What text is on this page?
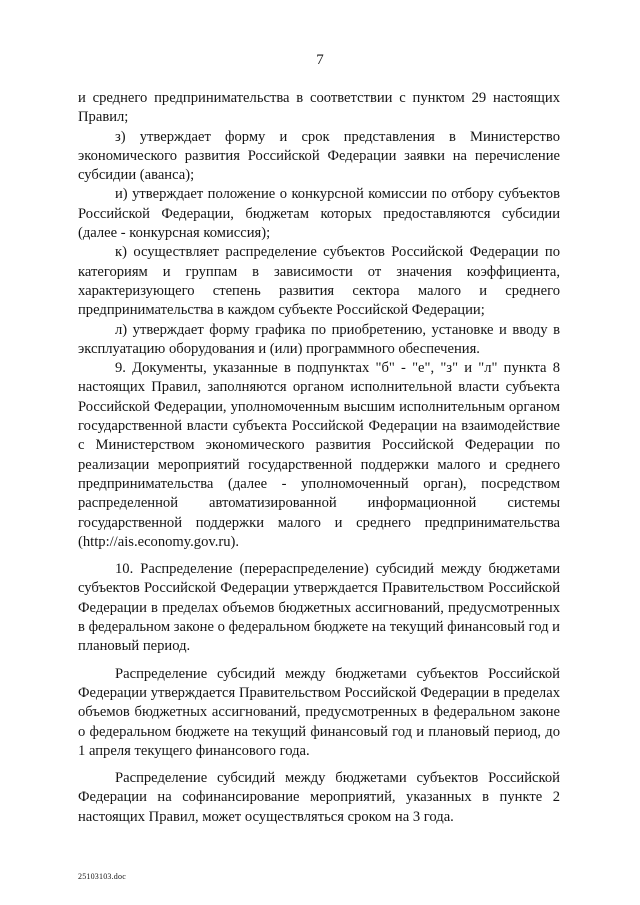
7

и среднего предпринимательства в соответствии с пунктом 29 настоящих Правил;

з) утверждает форму и срок представления в Министерство экономического развития Российской Федерации заявки на перечисление субсидии (аванса);

и) утверждает положение о конкурсной комиссии по отбору субъектов Российской Федерации, бюджетам которых предоставляются субсидии (далее - конкурсная комиссия);

к) осуществляет распределение субъектов Российской Федерации по категориям и группам в зависимости от значения коэффициента, характеризующего степень развития сектора малого и среднего предпринимательства в каждом субъекте Российской Федерации;

л) утверждает форму графика по приобретению, установке и вводу в эксплуатацию оборудования и (или) программного обеспечения.

9. Документы, указанные в подпунктах "б" - "е", "з" и "л" пункта 8 настоящих Правил, заполняются органом исполнительной власти субъекта Российской Федерации, уполномоченным высшим исполнительным органом государственной власти субъекта Российской Федерации на взаимодействие с Министерством экономического развития Российской Федерации по реализации мероприятий государственной поддержки малого и среднего предпринимательства (далее - уполномоченный орган), посредством распределенной автоматизированной информационной системы государственной поддержки малого и среднего предпринимательства (http://ais.economy.gov.ru).

10. Распределение (перераспределение) субсидий между бюджетами субъектов Российской Федерации утверждается Правительством Российской Федерации в пределах объемов бюджетных ассигнований, предусмотренных в федеральном законе о федеральном бюджете на текущий финансовый год и плановый период.

Распределение субсидий между бюджетами субъектов Российской Федерации утверждается Правительством Российской Федерации в пределах объемов бюджетных ассигнований, предусмотренных в федеральном законе о федеральном бюджете на текущий финансовый год и плановый период, до 1 апреля текущего финансового года.

Распределение субсидий между бюджетами субъектов Российской Федерации на софинансирование мероприятий, указанных в пункте 2 настоящих Правил, может осуществляться сроком на 3 года.

25103103.doc
